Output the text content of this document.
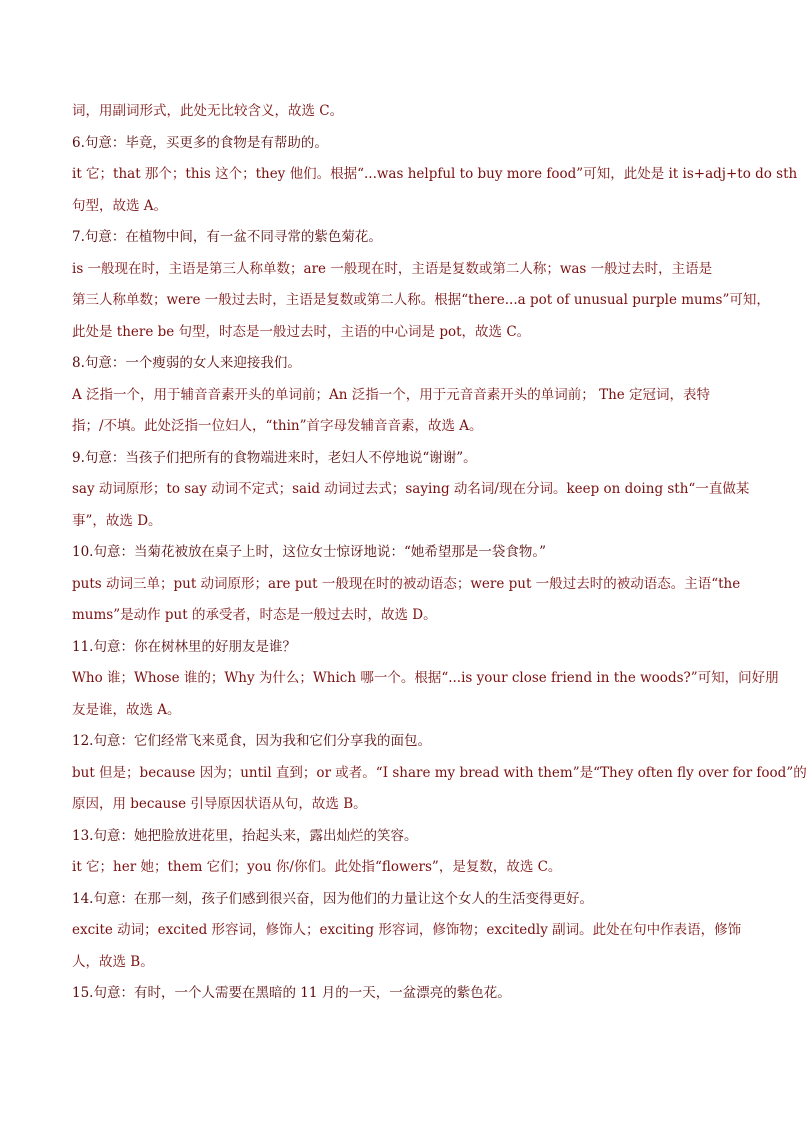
词，用副词形式，此处无比较含义，故选 C。
6.句意：毕竟，买更多的食物是有帮助的。
it 它；that 那个；this 这个；they 他们。根据“...was helpful to buy more food”可知，此处是 it is+adj+to do sth
句型，故选 A。
7.句意：在植物中间，有一盆不同寻常的紫色菊花。
is 一般现在时，主语是第三人称单数；are 一般现在时，主语是复数或第二人称；was 一般过去时，主语是
第三人称单数；were 一般过去时，主语是复数或第二人称。根据“there...a pot of unusual purple mums”可知，
此处是 there be 句型，时态是一般过去时，主语的中心词是 pot，故选 C。
8.句意：一个瘦弱的女人来迎接我们。
A 泛指一个，用于辅音音素开头的单词前；An 泛指一个，用于元音音素开头的单词前； The 定冠词，表特
指；/不填。此处泛指一位妇人，“thin”首字母发辅音音素，故选 A。
9.句意：当孩子们把所有的食物端进来时，老妇人不停地说“谢谢”。
say 动词原形；to say 动词不定式；said 动词过去式；saying 动名词/现在分词。keep on doing sth“一直做某
事”，故选 D。
10.句意：当菊花被放在桌子上时，这位女士惊讶地说：“她希望那是一袋食物。”
puts 动词三单；put 动词原形；are put 一般现在时的被动语态；were put 一般过去时的被动语态。主语“the
mums”是动作 put 的承受者，时态是一般过去时，故选 D。
11.句意：你在树林里的好朋友是谁？
Who 谁；Whose 谁的；Why 为什么；Which 哪一个。根据“...is your close friend in the woods?”可知，问好朋
友是谁，故选 A。
12.句意：它们经常飞来觅食，因为我和它们分享我的面包。
but 但是；because 因为；until 直到；or 或者。“I share my bread with them”是“They often fly over for food”的
原因，用 because 引导原因状语从句，故选 B。
13.句意：她把脸放进花里，抬起头来，露出灿烂的笑容。
it 它；her 她；them 它们；you 你/你们。此处指“flowers”，是复数，故选 C。
14.句意：在那一刻，孩子们感到很兴奋，因为他们的力量让这个女人的生活变得更好。
excite 动词；excited 形容词，修饰人；exciting 形容词，修饰物；excitedly 副词。此处在句中作表语，修饰
人，故选 B。
15.句意：有时，一个人需要在黑暗的 11 月的一天，一盆漂亮的紫色花。
